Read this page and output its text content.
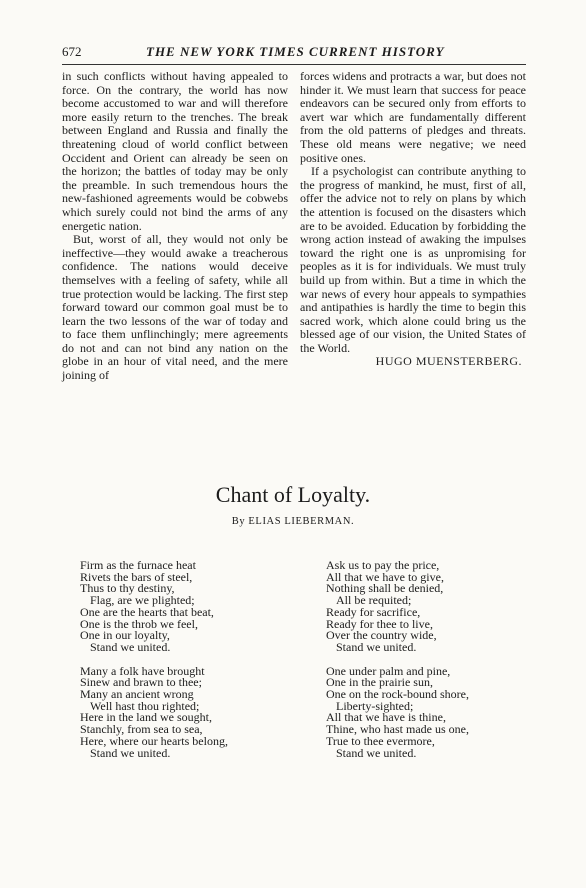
672	THE NEW YORK TIMES CURRENT HISTORY

in such conflicts without having appealed to force. On the contrary, the world has now become accustomed to war and will therefore more easily return to the trenches. The break between England and Russia and finally the threatening cloud of world conflict between Occident and Orient can already be seen on the horizon; the battles of today may be only the preamble. In such tremendous hours the new-fashioned agreements would be cobwebs which surely could not bind the arms of any energetic nation.

But, worst of all, they would not only be ineffective—they would awake a treacherous confidence. The nations would deceive themselves with a feeling of safety, while all true protection would be lacking. The first step forward toward our common goal must be to learn the two lessons of the war of today and to face them unflinchingly; mere agreements do not and can not bind any nation on the globe in an hour of vital need, and the mere joining of

forces widens and protracts a war, but does not hinder it. We must learn that success for peace endeavors can be secured only from efforts to avert war which are fundamentally different from the old patterns of pledges and threats. These old means were negative; we need positive ones.

If a psychologist can contribute anything to the progress of mankind, he must, first of all, offer the advice not to rely on plans by which the attention is focused on the disasters which are to be avoided. Education by forbidding the wrong action instead of awaking the impulses toward the right one is as unpromising for peoples as it is for individuals. We must truly build up from within. But a time in which the war news of every hour appeals to sympathies and antipathies is hardly the time to begin this sacred work, which alone could bring us the blessed age of our vision, the United States of the World.

HUGO MUENSTERBERG.

Chant of Loyalty.
By ELIAS LIEBERMAN.
Firm as the furnace heat
Rivets the bars of steel,
Thus to thy destiny,
Flag, are we plighted;
One are the hearts that beat,
One is the throb we feel,
One in our loyalty,
Stand we united.
Many a folk have brought
Sinew and brawn to thee;
Many an ancient wrong
Well hast thou righted;
Here in the land we sought,
Stanchly, from sea to sea,
Here, where our hearts belong,
Stand we united.
Ask us to pay the price,
All that we have to give,
Nothing shall be denied,
All be requited;
Ready for sacrifice,
Ready for thee to live,
Over the country wide,
Stand we united.
One under palm and pine,
One in the prairie sun,
One on the rock-bound shore,
Liberty-sighted;
All that we have is thine,
Thine, who hast made us one,
True to thee evermore,
Stand we united.
